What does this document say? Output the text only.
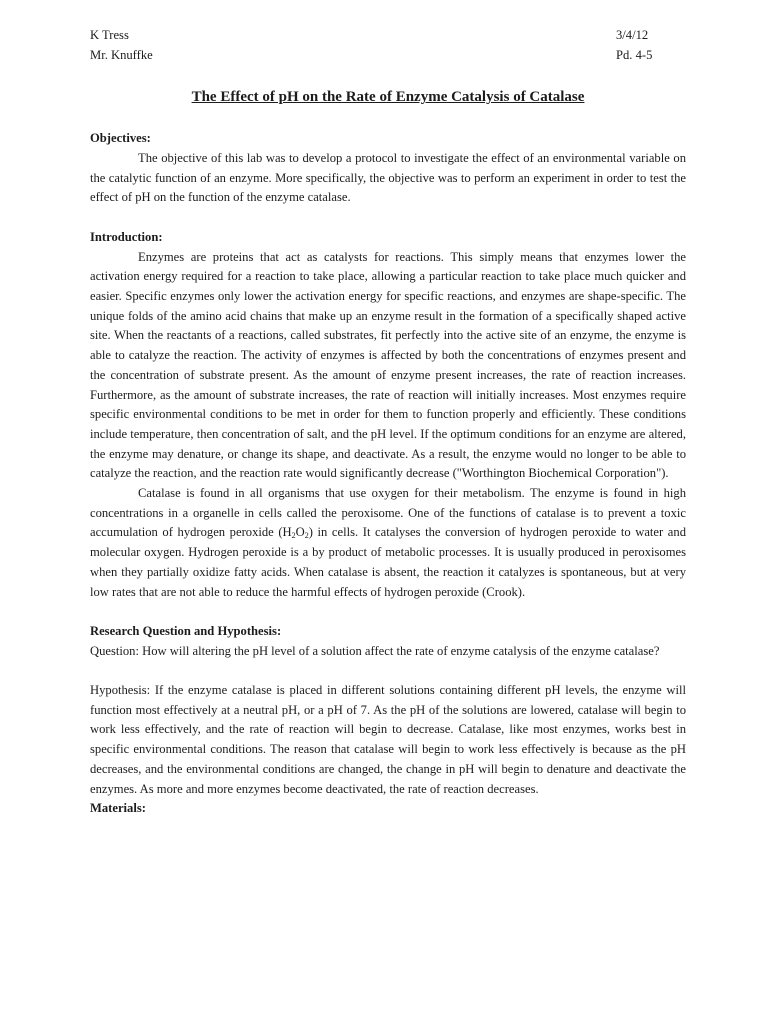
K Tress	3/4/12
Mr. Knuffke	Pd. 4-5
The Effect of pH on the Rate of Enzyme Catalysis of Catalase
Objectives:

The objective of this lab was to develop a protocol to investigate the effect of an environmental variable on the catalytic function of an enzyme. More specifically, the objective was to perform an experiment in order to test the effect of pH on the function of the enzyme catalase.

Introduction:

Enzymes are proteins that act as catalysts for reactions. This simply means that enzymes lower the activation energy required for a reaction to take place, allowing a particular reaction to take place much quicker and easier. Specific enzymes only lower the activation energy for specific reactions, and enzymes are shape-specific. The unique folds of the amino acid chains that make up an enzyme result in the formation of a specifically shaped active site. When the reactants of a reactions, called substrates, fit perfectly into the active site of an enzyme, the enzyme is able to catalyze the reaction. The activity of enzymes is affected by both the concentrations of enzymes present and the concentration of substrate present. As the amount of enzyme present increases, the rate of reaction increases. Furthermore, as the amount of substrate increases, the rate of reaction will initially increases. Most enzymes require specific environmental conditions to be met in order for them to function properly and efficiently. These conditions include temperature, then concentration of salt, and the pH level. If the optimum conditions for an enzyme are altered, the enzyme may denature, or change its shape, and deactivate. As a result, the enzyme would no longer to be able to catalyze the reaction, and the reaction rate would significantly decrease ("Worthington Biochemical Corporation").

Catalase is found in all organisms that use oxygen for their metabolism. The enzyme is found in high concentrations in a organelle in cells called the peroxisome. One of the functions of catalase is to prevent a toxic accumulation of hydrogen peroxide $(H_2O_2)$ in cells. It catalyses the conversion of hydrogen peroxide to water and molecular oxygen. Hydrogen peroxide is a by product of metabolic processes. It is usually produced in peroxisomes when they partially oxidize fatty acids. When catalase is absent, the reaction it catalyzes is spontaneous, but at very low rates that are not able to reduce the harmful effects of hydrogen peroxide (Crook).

Research Question and Hypothesis:

Question: How will altering the pH level of a solution affect the rate of enzyme catalysis of the enzyme catalase?

Hypothesis: If the enzyme catalase is placed in different solutions containing different pH levels, the enzyme will function most effectively at a neutral pH, or a pH of 7. As the pH of the solutions are lowered, catalase will begin to work less effectively, and the rate of reaction will begin to decrease. Catalase, like most enzymes, works best in specific environmental conditions. The reason that catalase will begin to work less effectively is because as the pH decreases, and the environmental conditions are changed, the change in pH will begin to denature and deactivate the enzymes. As more and more enzymes become deactivated, the rate of reaction decreases.

Materials:
